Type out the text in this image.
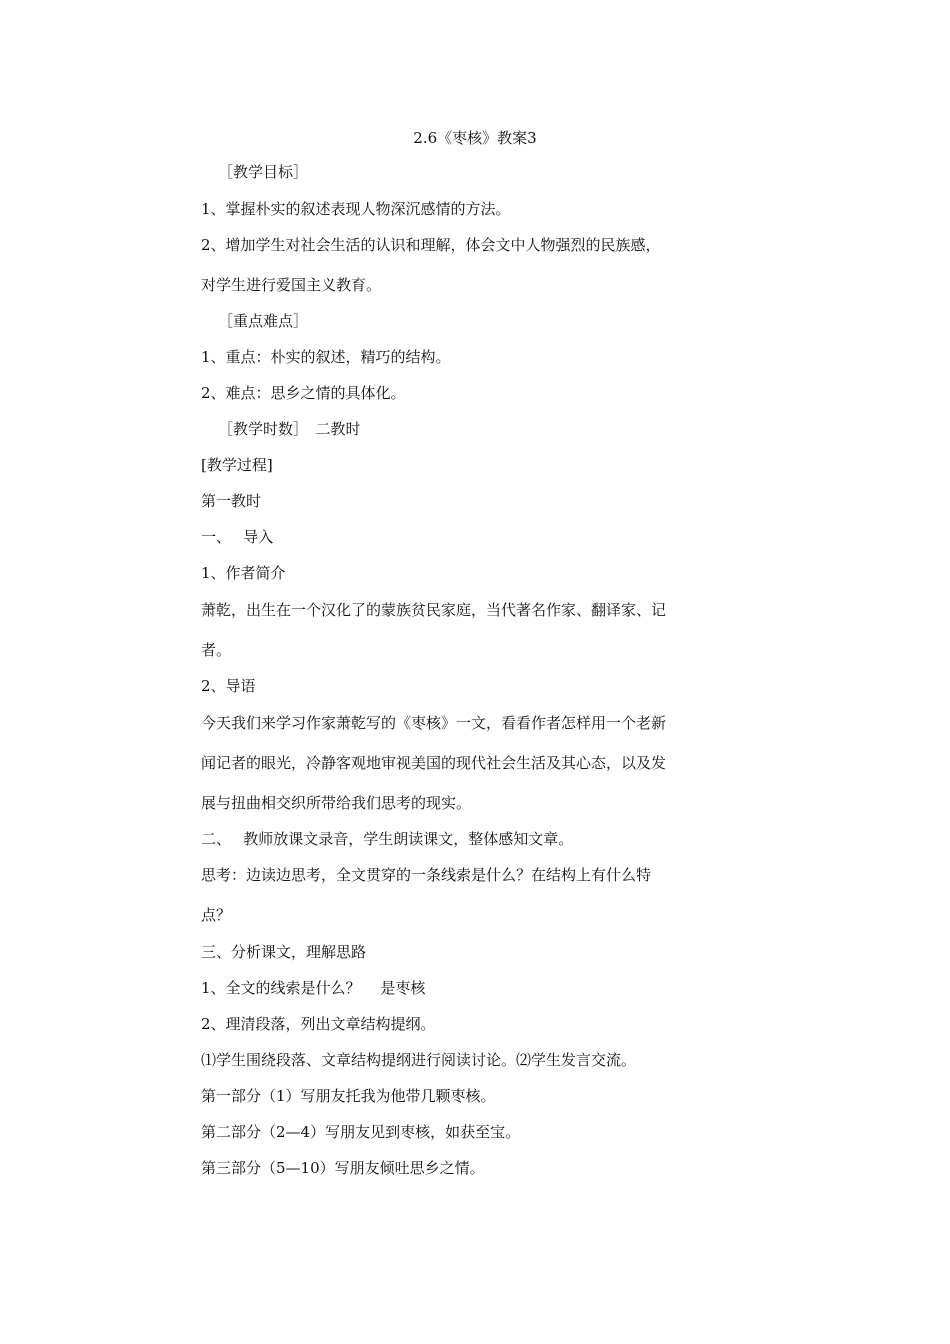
2.6《枣核》教案3
［教学目标］
1、掌握朴实的叙述表现人物深沉感情的方法。
2、增加学生对社会生活的认识和理解，体会文中人物强烈的民族感，
对学生进行爱国主义教育。
［重点难点］
1、重点：朴实的叙述，精巧的结构。
2、难点：思乡之情的具体化。
［教学时数］　二教时
[教学过程]
第一教时
一、　 导入
1、作者简介
萧乾，出生在一个汉化了的蒙族贫民家庭，当代著名作家、翻译家、记
者。
2、导语
今天我们来学习作家萧乾写的《枣核》一文，看看作者怎样用一个老新
闻记者的眼光，冷静客观地审视美国的现代社会生活及其心态，以及发
展与扭曲相交织所带给我们思考的现实。
二、　 教师放课文录音，学生朗读课文，整体感知文章。
思考：边读边思考，全文贯穿的一条线索是什么？在结构上有什么特
点？
三、分析课文，理解思路
1、全文的线索是什么？　 是枣核
2、理清段落，列出文章结构提纲。
⑴学生围绕段落、文章结构提纲进行阅读讨论。⑵学生发言交流。
第一部分（1）写朋友托我为他带几颗枣核。
第二部分（2—4）写朋友见到枣核，如获至宝。
第三部分（5—10）写朋友倾吐思乡之情。
